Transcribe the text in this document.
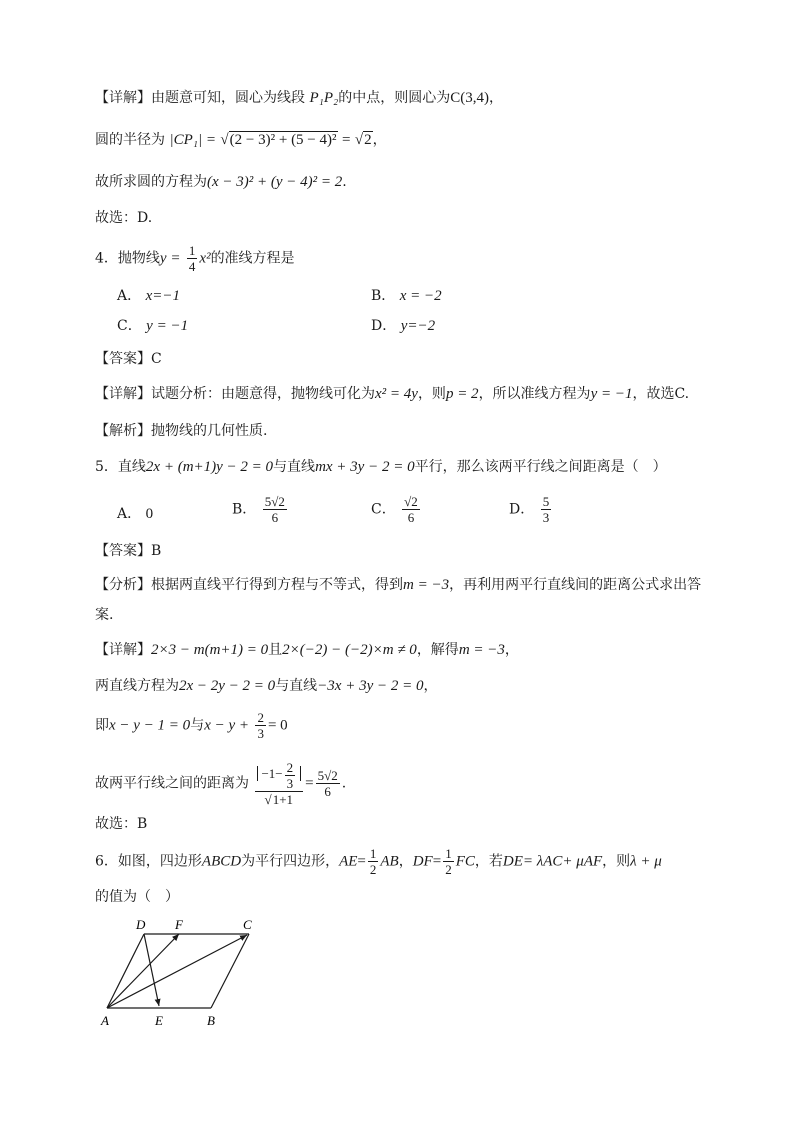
【详解】由题意可知，圆心为线段 P₁P₂的中点，则圆心为C(3,4)，
圆的半径为 |CP₁| = √(2 − 3)² + (5 − 4)² = √2，
故所求圆的方程为(x − 3)² + (y − 4)² = 2.
故选：D.
4．抛物线$y = \frac{1}{4} x^2$的准线方程是
A． x=−1	B． x = −2
C． y = −1	D． y=−2
【答案】C
【详解】试题分析：由题意得，抛物线可化为x² = 4y，则p = 2，所以准线方程为y = −1，故选C.
【解析】抛物线的几何性质.
5．直线2x + (m+1)y − 2 = 0与直线mx + 3y − 2 = 0平行，那么该两平行线之间距离是（　）
A． 0	B． $\frac{5√2}{6}$	C． $\frac{√2}{6}$	D． $\frac{5}{3}$
【答案】B
【分析】根据两直线平行得到方程与不等式，得到m = −3，再利用两平行直线间的距离公式求出答案.
【详解】2×3 − m(m+1) = 0且2×(−2) − (−2)×m ≠ 0，解得m = −3，
两直线方程为2x − 2y − 2 = 0与直线−3x + 3y − 2 = 0，
即x − y − 1 = 0与$x - y + \frac{2}{3} = 0$
故两平行线之间的距离为 $\frac{-1- \frac{2}{3}}{√1+1} = \frac{5√2}{6}$ .
故选：B
6．如图，四边形ABCD为平行四边形，$AE= \frac{1}{2}$ AB，$DF= \frac{1}{2}$ FC，若DE= λAC+ μAF，则λ + μ
的值为（　）
D F	C
A	E	B
